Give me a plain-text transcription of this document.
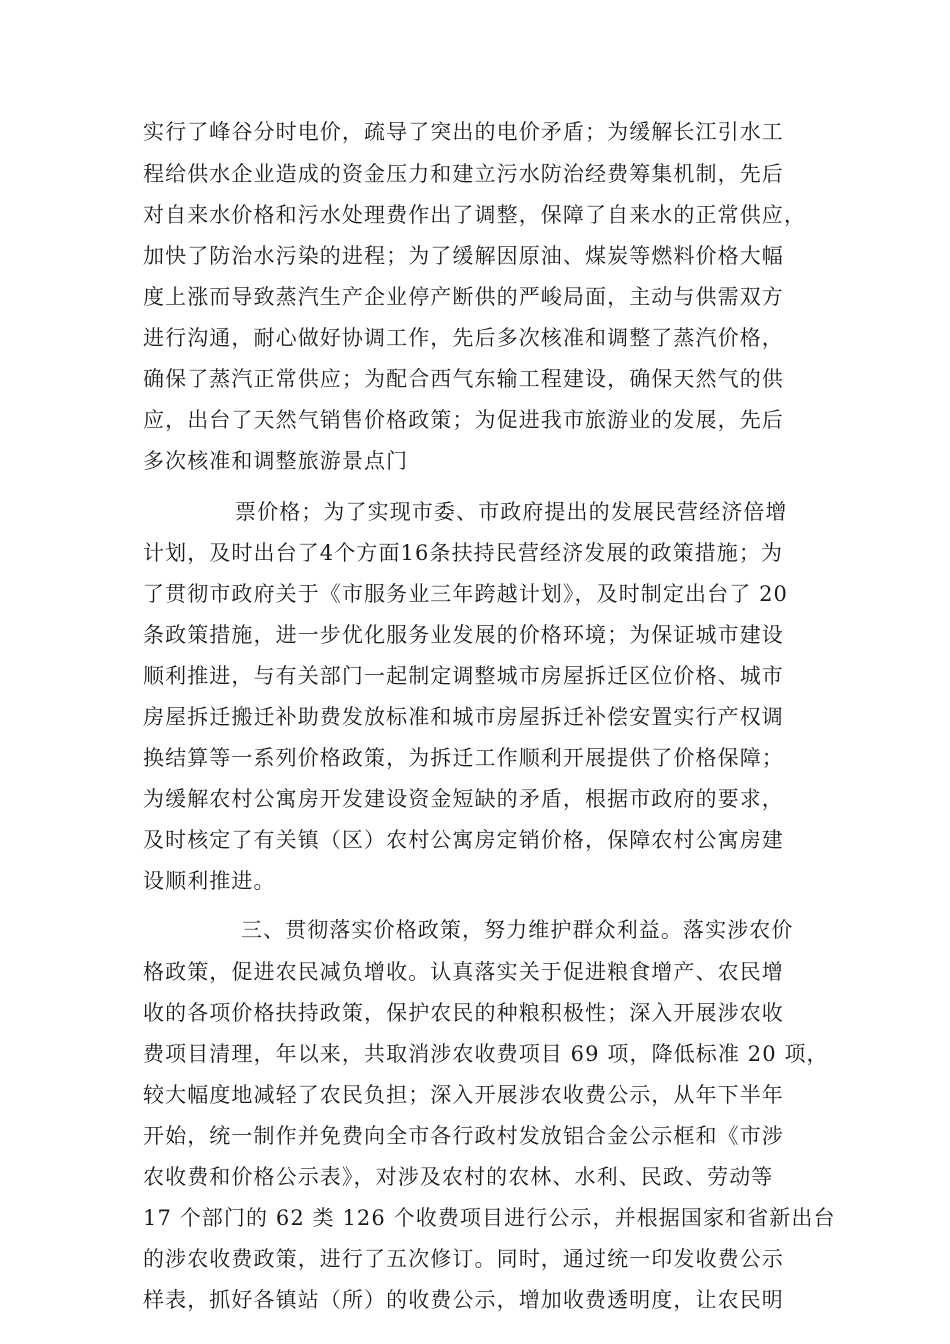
实行了峰谷分时电价，疏导了突出的电价矛盾；为缓解长江引水工
程给供水企业造成的资金压力和建立污水防治经费筹集机制，先后
对自来水价格和污水处理费作出了调整，保障了自来水的正常供应，
加快了防治水污染的进程；为了缓解因原油、煤炭等燃料价格大幅
度上涨而导致蒸汽生产企业停产断供的严峻局面，主动与供需双方
进行沟通，耐心做好协调工作，先后多次核准和调整了蒸汽价格，
确保了蒸汽正常供应；为配合西气东输工程建设，确保天然气的供
应，出台了天然气销售价格政策；为促进我市旅游业的发展，先后
多次核准和调整旅游景点门
票价格；为了实现市委、市政府提出的发展民营经济倍增
计划，及时出台了4个方面16条扶持民营经济发展的政策措施；为
了贯彻市政府关于《市服务业三年跨越计划》，及时制定出台了 20
条政策措施，进一步优化服务业发展的价格环境；为保证城市建设
顺利推进，与有关部门一起制定调整城市房屋拆迁区位价格、城市
房屋拆迁搬迁补助费发放标准和城市房屋拆迁补偿安置实行产权调
换结算等一系列价格政策，为拆迁工作顺利开展提供了价格保障；
为缓解农村公寓房开发建设资金短缺的矛盾，根据市政府的要求，
及时核定了有关镇（区）农村公寓房定销价格，保障农村公寓房建
设顺利推进。
三、贯彻落实价格政策，努力维护群众利益。落实涉农价
格政策，促进农民减负增收。认真落实关于促进粮食增产、农民增
收的各项价格扶持政策，保护农民的种粮积极性；深入开展涉农收
费项目清理，年以来，共取消涉农收费项目 69 项，降低标准 20 项，
较大幅度地减轻了农民负担；深入开展涉农收费公示，从年下半年
开始，统一制作并免费向全市各行政村发放铝合金公示框和《市涉
农收费和价格公示表》，对涉及农村的农林、水利、民政、劳动等
17 个部门的 62 类 126 个收费项目进行公示，并根据国家和省新出台
的涉农收费政策，进行了五次修订。同时，通过统一印发收费公示
样表，抓好各镇站（所）的收费公示，增加收费透明度，让农民明
